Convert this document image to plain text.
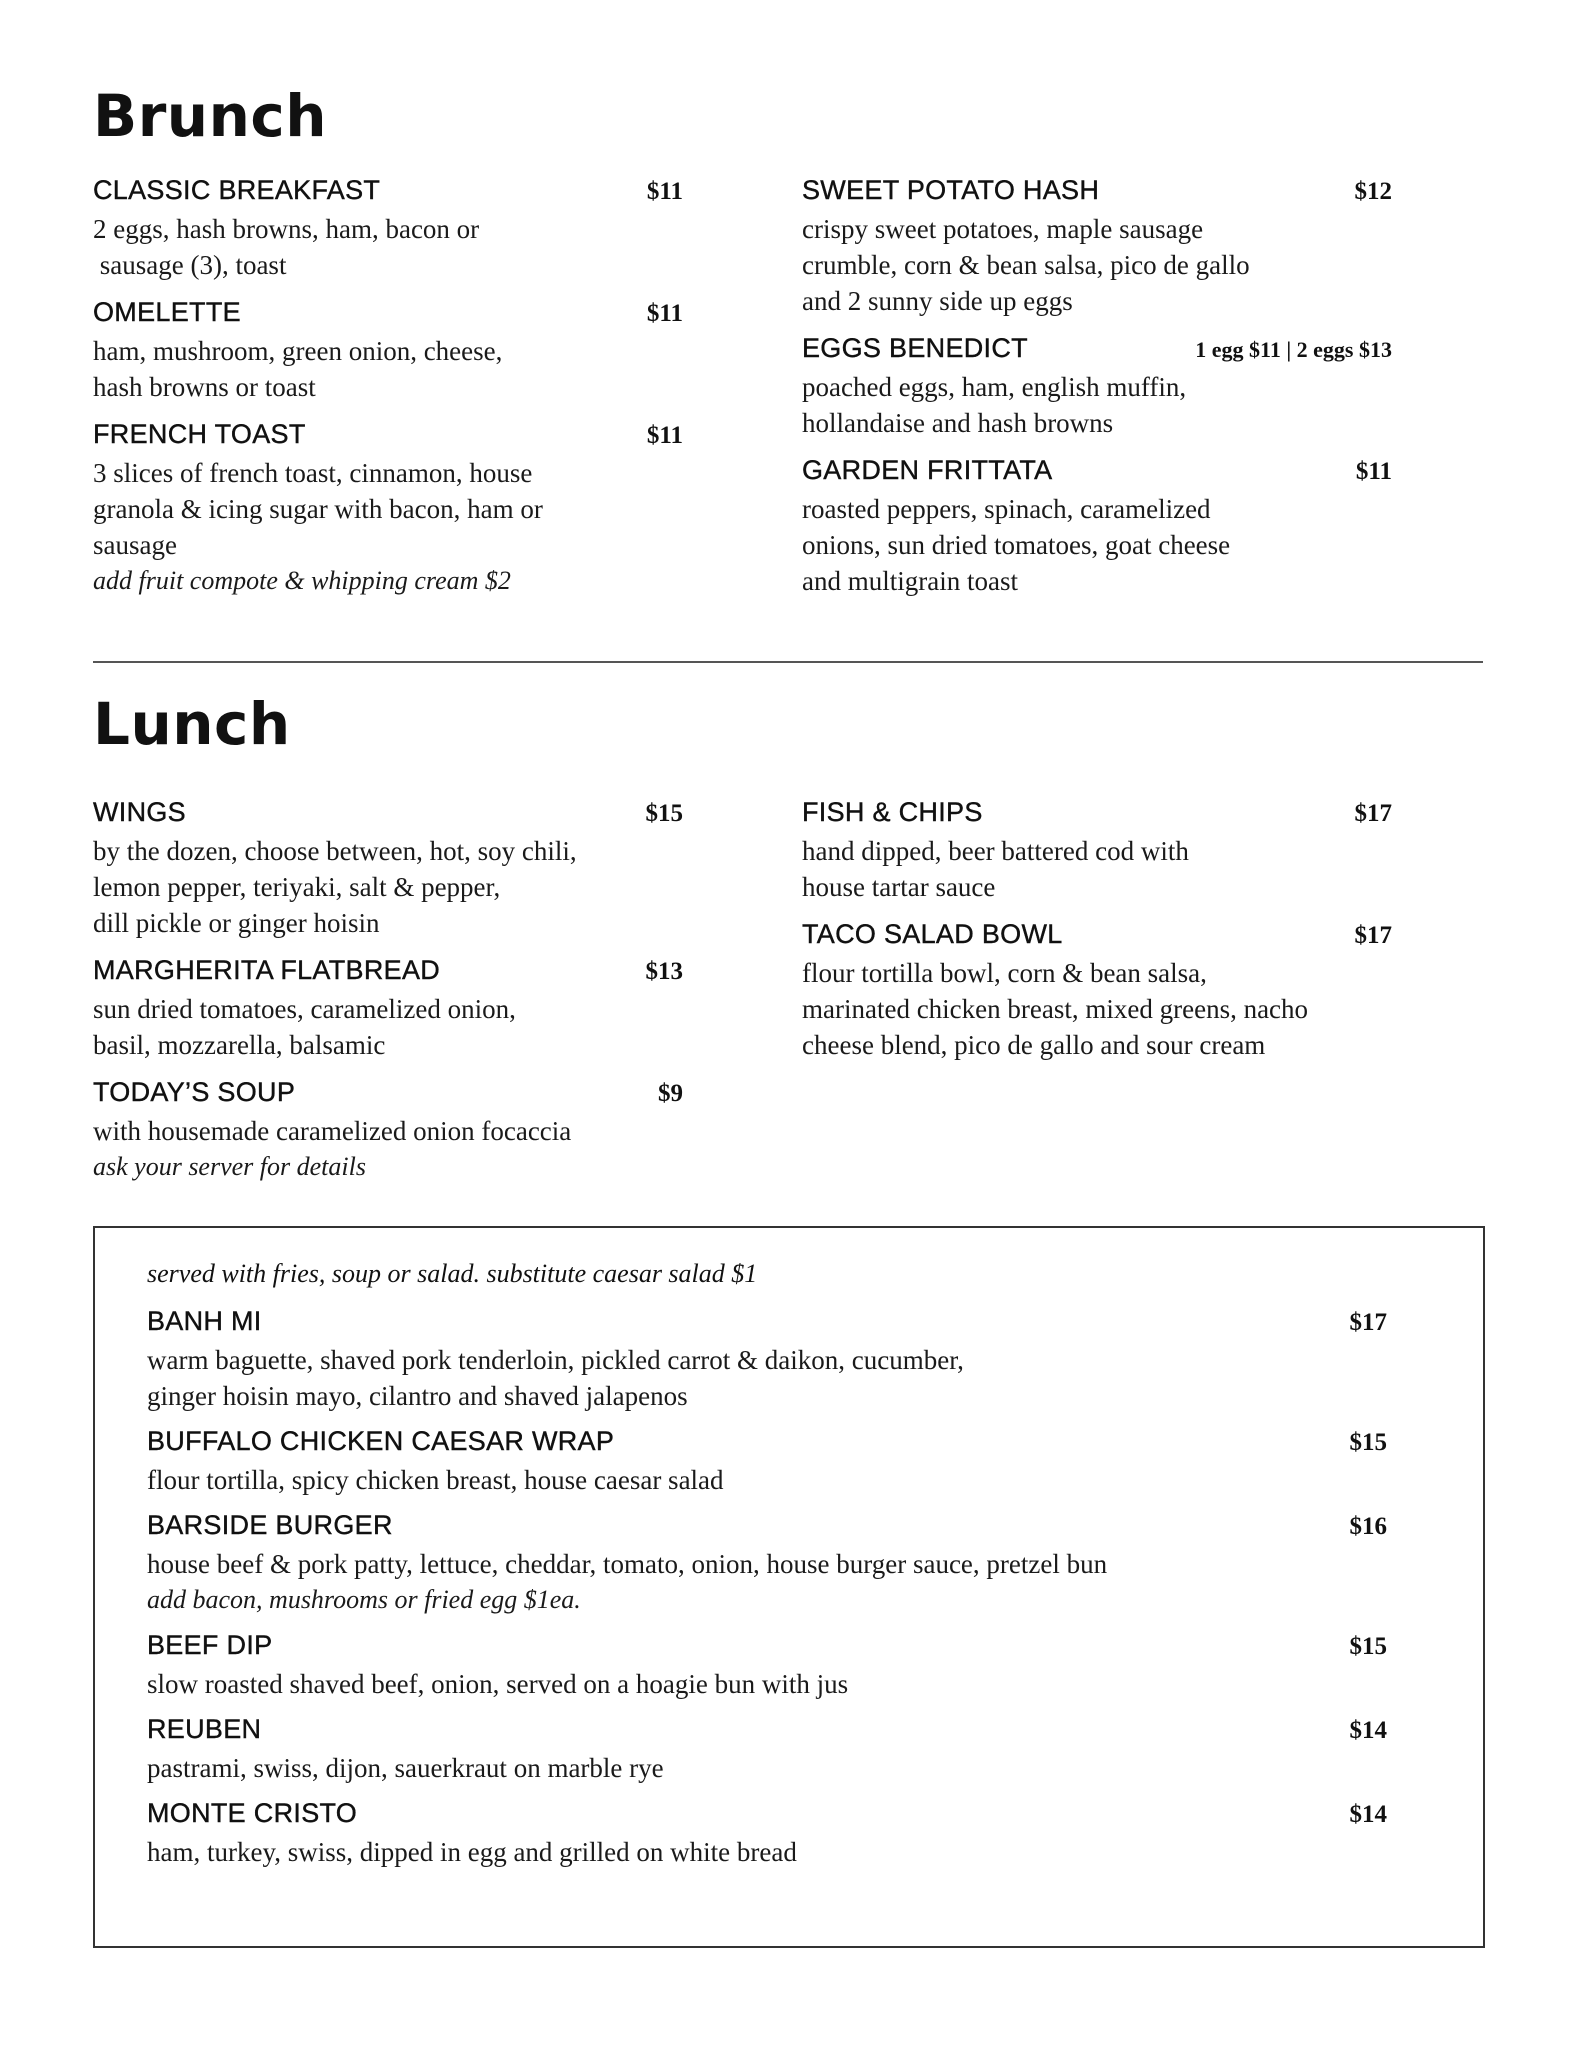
Brunch
CLASSIC BREAKFAST	$11
2 eggs, hash browns, ham, bacon or
sausage (3), toast
OMELETTE	$11
ham, mushroom, green onion, cheese,
hash browns or toast
FRENCH TOAST	$11
3 slices of french toast, cinnamon, house
granola & icing sugar with bacon, ham or
sausage
add fruit compote & whipping cream $2
SWEET POTATO HASH	$12
crispy sweet potatoes, maple sausage
crumble, corn & bean salsa, pico de gallo
and 2 sunny side up eggs
EGGS BENEDICT	1 egg $11 | 2 eggs $13
poached eggs, ham, english muffin,
hollandaise and hash browns
GARDEN FRITTATA	$11
roasted peppers, spinach, caramelized
onions, sun dried tomatoes, goat cheese
and multigrain toast
Lunch
WINGS	$15
by the dozen, choose between, hot, soy chili,
lemon pepper, teriyaki, salt & pepper,
dill pickle or ginger hoisin
MARGHERITA FLATBREAD	$13
sun dried tomatoes, caramelized onion,
basil, mozzarella, balsamic
TODAY’S SOUP	$9
with housemade caramelized onion focaccia
ask your server for details
FISH & CHIPS	$17
hand dipped, beer battered cod with
house tartar sauce
TACO SALAD BOWL	$17
flour tortilla bowl, corn & bean salsa,
marinated chicken breast, mixed greens, nacho
cheese blend, pico de gallo and sour cream
served with fries, soup or salad. substitute caesar salad $1
BANH MI	$17
warm baguette, shaved pork tenderloin, pickled carrot & daikon, cucumber,
ginger hoisin mayo, cilantro and shaved jalapenos
BUFFALO CHICKEN CAESAR WRAP	$15
flour tortilla, spicy chicken breast, house caesar salad
BARSIDE BURGER	$16
house beef & pork patty, lettuce, cheddar, tomato, onion, house burger sauce, pretzel bun
add bacon, mushrooms or fried egg $1ea.
BEEF DIP	$15
slow roasted shaved beef, onion, served on a hoagie bun with jus
REUBEN	$14
pastrami, swiss, dijon, sauerkraut on marble rye
MONTE CRISTO	$14
ham, turkey, swiss, dipped in egg and grilled on white bread
